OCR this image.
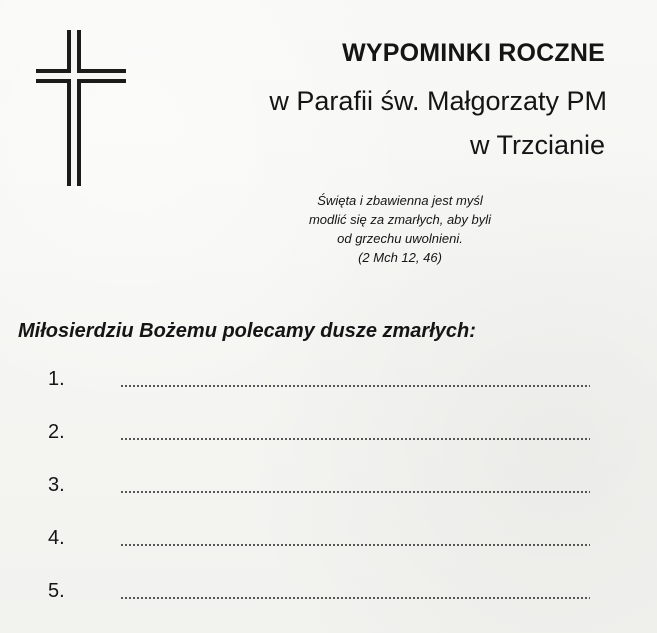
WYPOMINKI ROCZNE
w Parafii św. Małgorzaty PM
w Trzcianie
Święta i zbawienna jest myśl
modlić się za zmarłych, aby byli
od grzechu uwolnieni.
(2 Mch 12, 46)
Miłosierdziu Bożemu polecamy dusze zmarłych:
1.
2.
3.
4.
5.
